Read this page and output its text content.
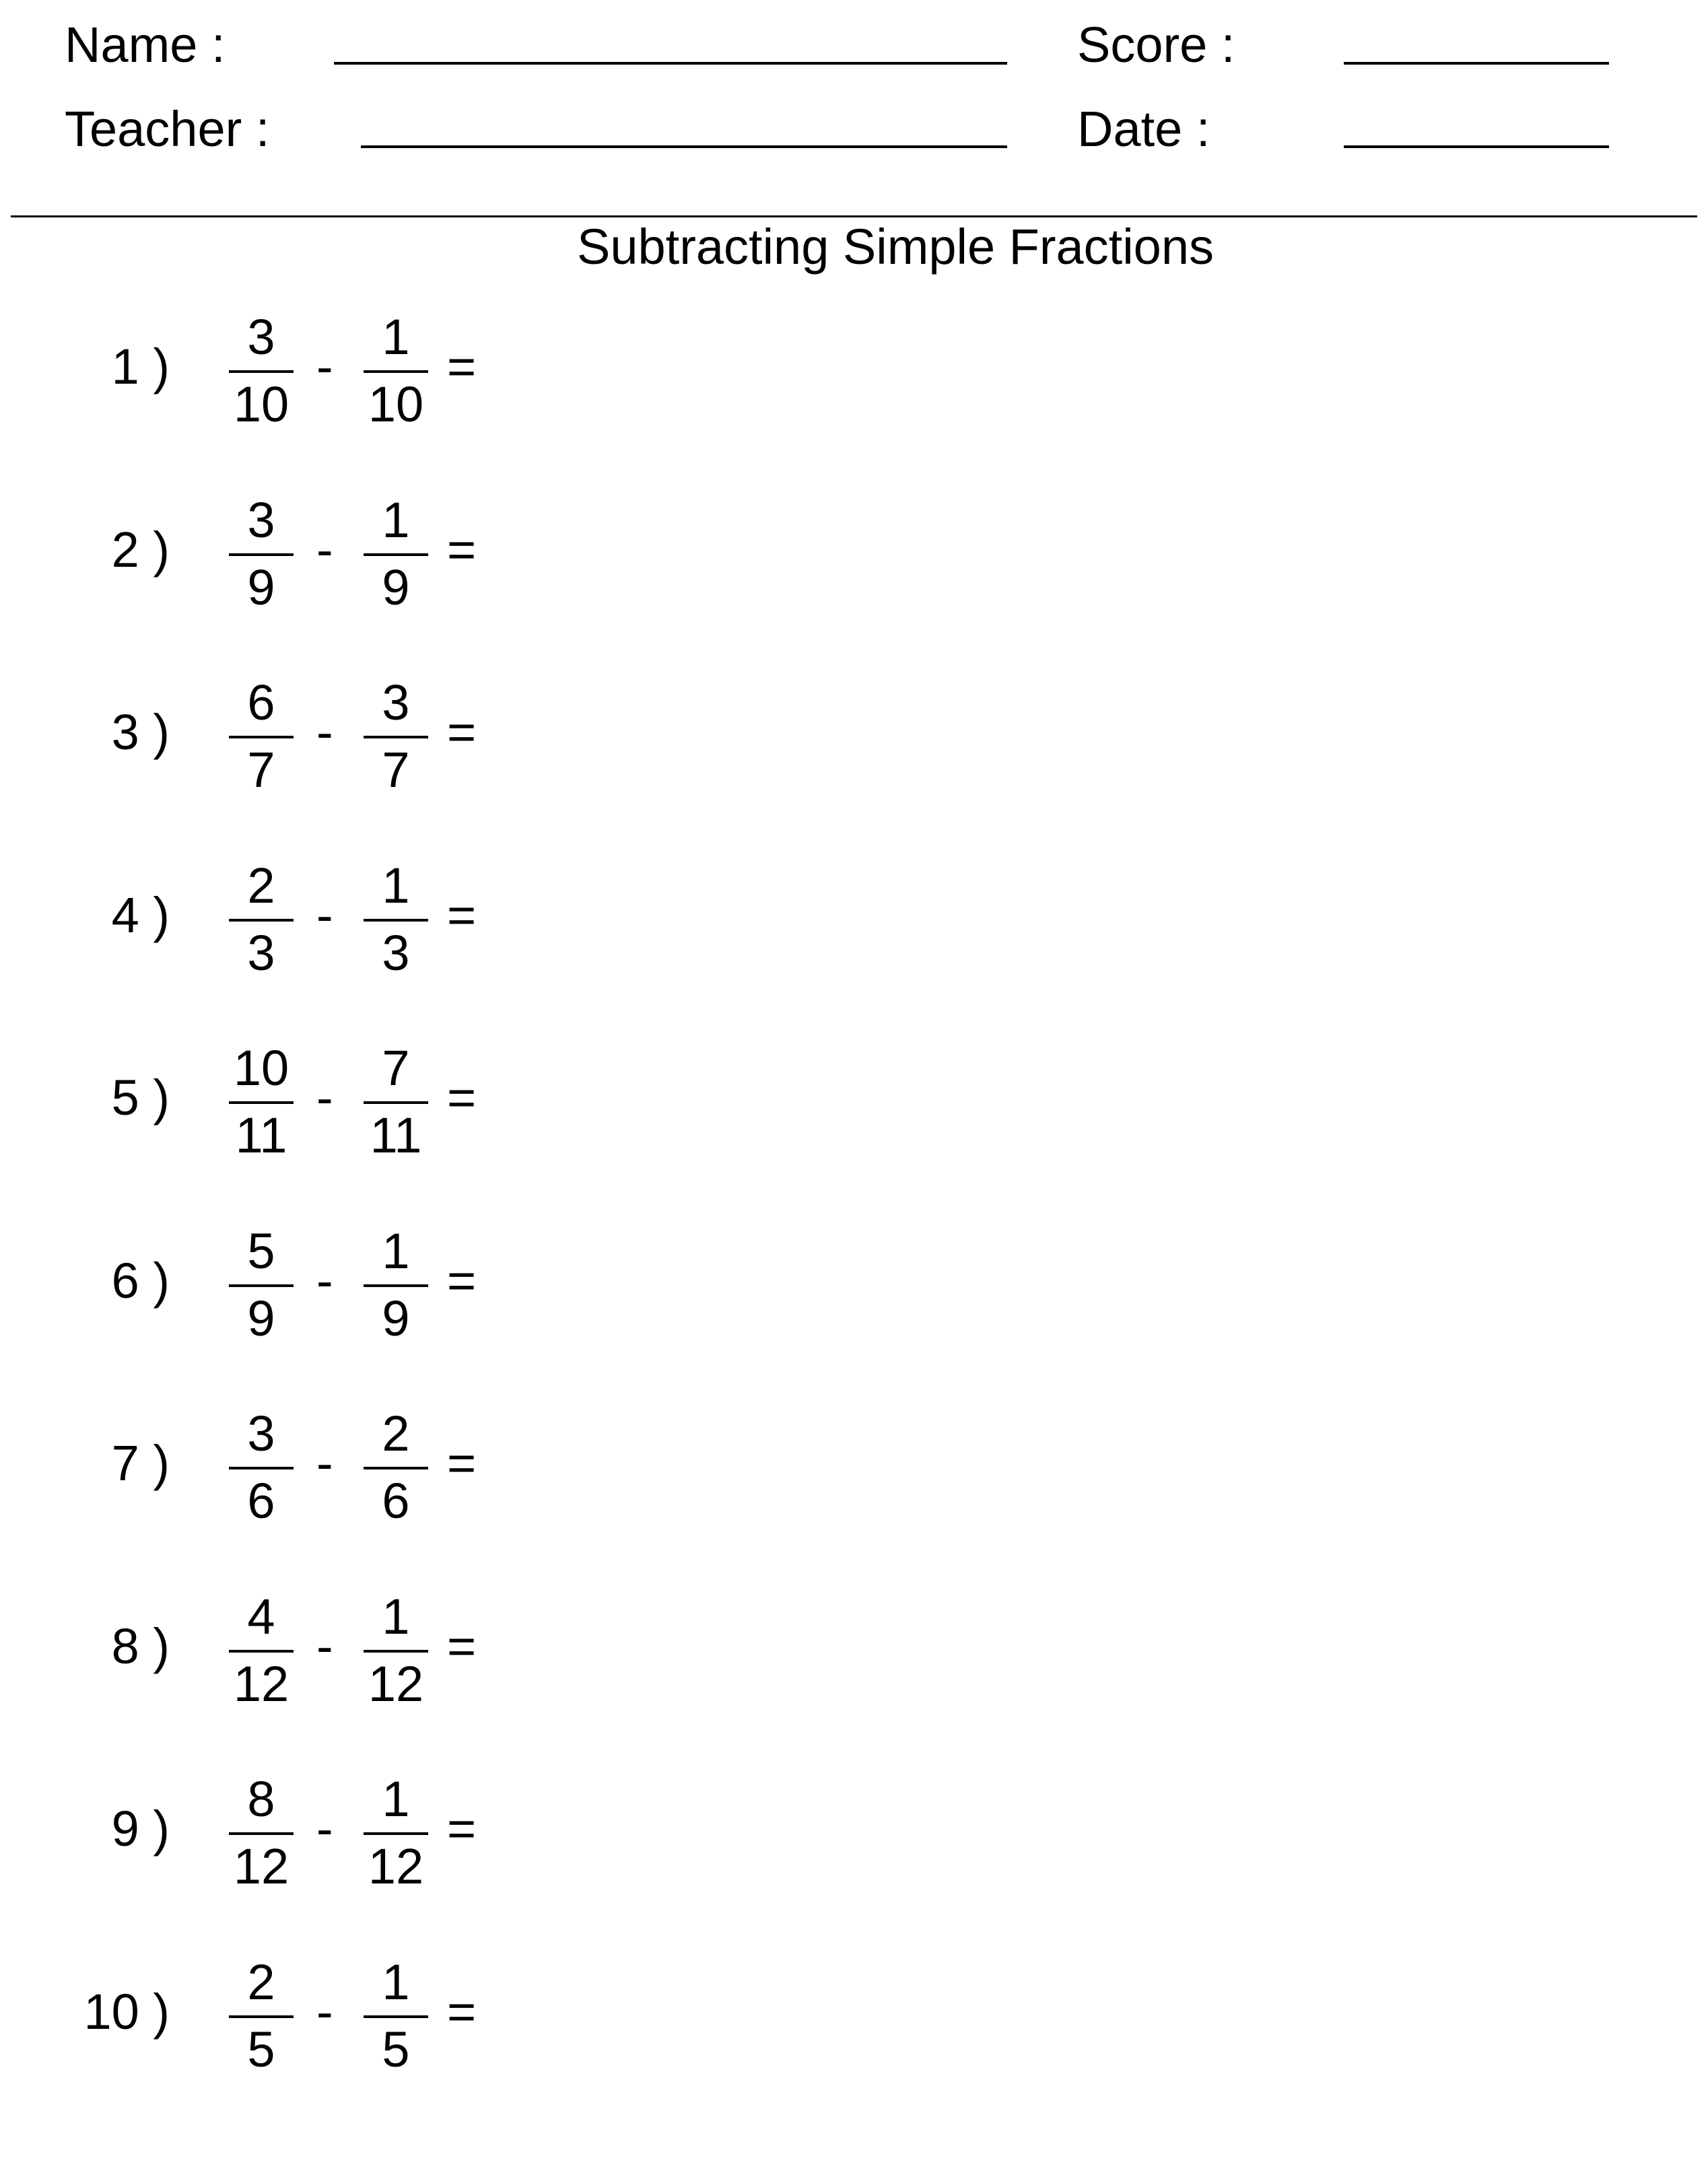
Name :
Teacher :
Score :
Date :
Subtracting Simple Fractions
1 )
3
10
-
1
10
=
2 )
3
9
-
1
9
=
3 )
6
7
-
3
7
=
4 )
2
3
-
1
3
=
5 )
10
11
-
7
11
=
6 )
5
9
-
1
9
=
7 )
3
6
-
2
6
=
8 )
4
12
-
1
12
=
9 )
8
12
-
1
12
=
10 )
2
5
-
1
5
=
